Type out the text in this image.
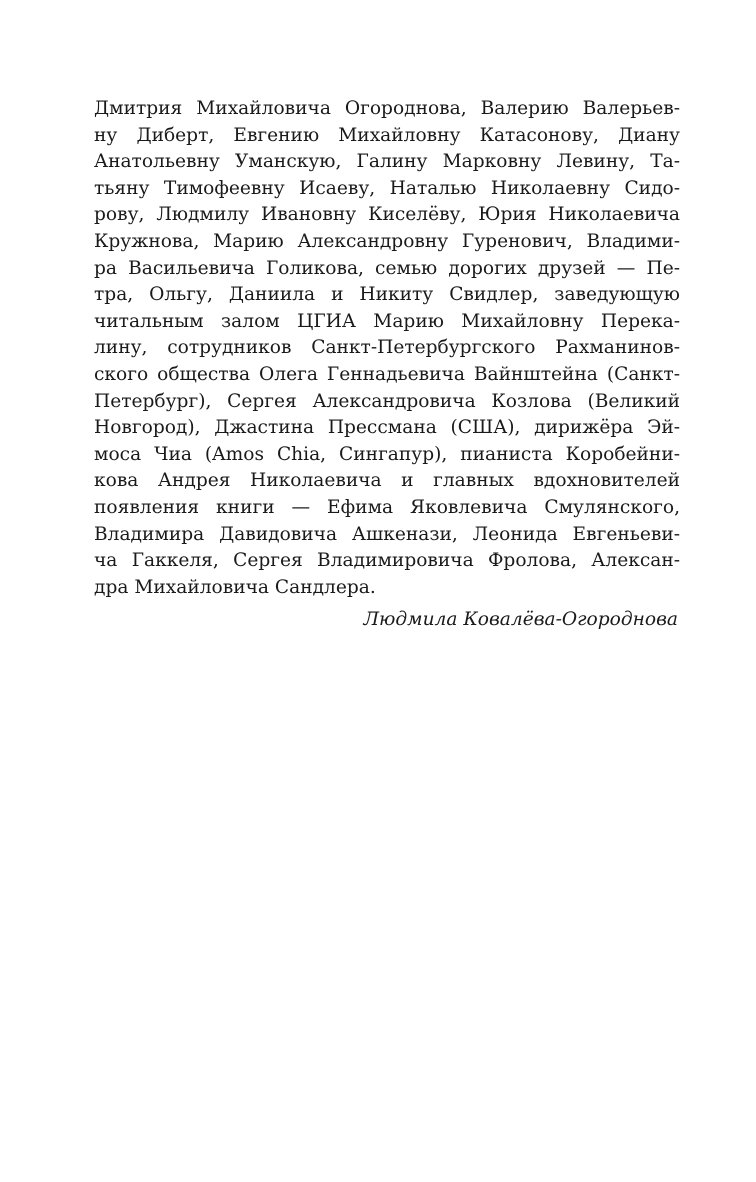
Дмитрия Михайловича Огороднова, Валерию Валерьев-
ну Диберт, Евгению Михайловну Катасонову, Диану
Анатольевну Уманскую, Галину Марковну Левину, Та-
тьяну Тимофеевну Исаеву, Наталью Николаевну Сидо-
рову, Людмилу Ивановну Киселёву, Юрия Николаевича
Кружнова, Марию Александровну Гуренович, Владими-
ра Васильевича Голикова, семью дорогих друзей — Пе-
тра, Ольгу, Даниила и Никиту Свидлер, заведующую
читальным залом ЦГИА Марию Михайловну Перека-
лину, сотрудников Санкт-Петербургского Рахманинов-
ского общества Олега Геннадьевича Вайнштейна (Санкт-
Петербург), Сергея Александровича Козлова (Великий
Новгород), Джастина Прессмана (США), дирижёра Эй-
моса Чиа (Amos Chia, Сингапур), пианиста Коробейни-
кова Андрея Николаевича и главных вдохновителей
появления книги — Ефима Яковлевича Смулянского,
Владимира Давидовича Ашкенази, Леонида Евгеньеви-
ча Гаккеля, Сергея Владимировича Фролова, Алексан-
дра Михайловича Сандлера.
Людмила Ковалёва-Огороднова
